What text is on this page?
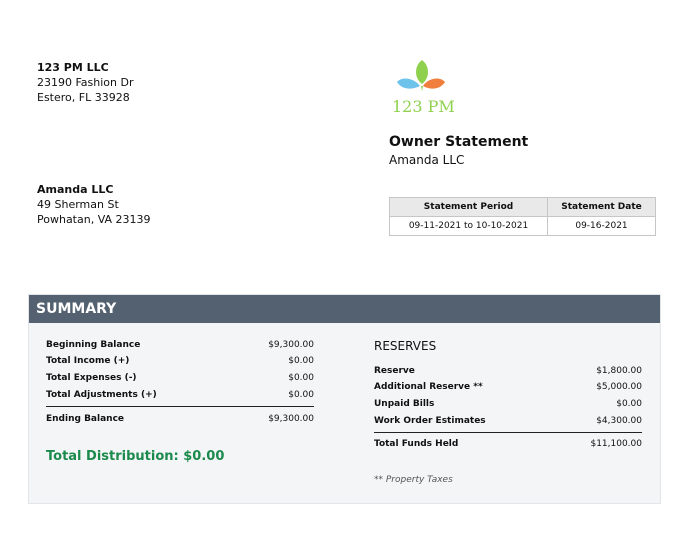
123 PM LLC
23190 Fashion Dr
Estero, FL 33928
Amanda LLC
49 Sherman St
Powhatan, VA 23139
123 PM
Owner Statement
Amanda LLC
Statement Period	Statement Date
09-11-2021 to 10-10-2021	09-16-2021
SUMMARY
Beginning Balance	$9,300.00
Total Income (+)	$0.00
Total Expenses (-)	$0.00
Total Adjustments (+)	$0.00
Ending Balance	$9,300.00
Total Distribution: $0.00
RESERVES
Reserve	$1,800.00
Additional Reserve **	$5,000.00
Unpaid Bills	$0.00
Work Order Estimates	$4,300.00
Total Funds Held	$11,100.00
** Property Taxes
